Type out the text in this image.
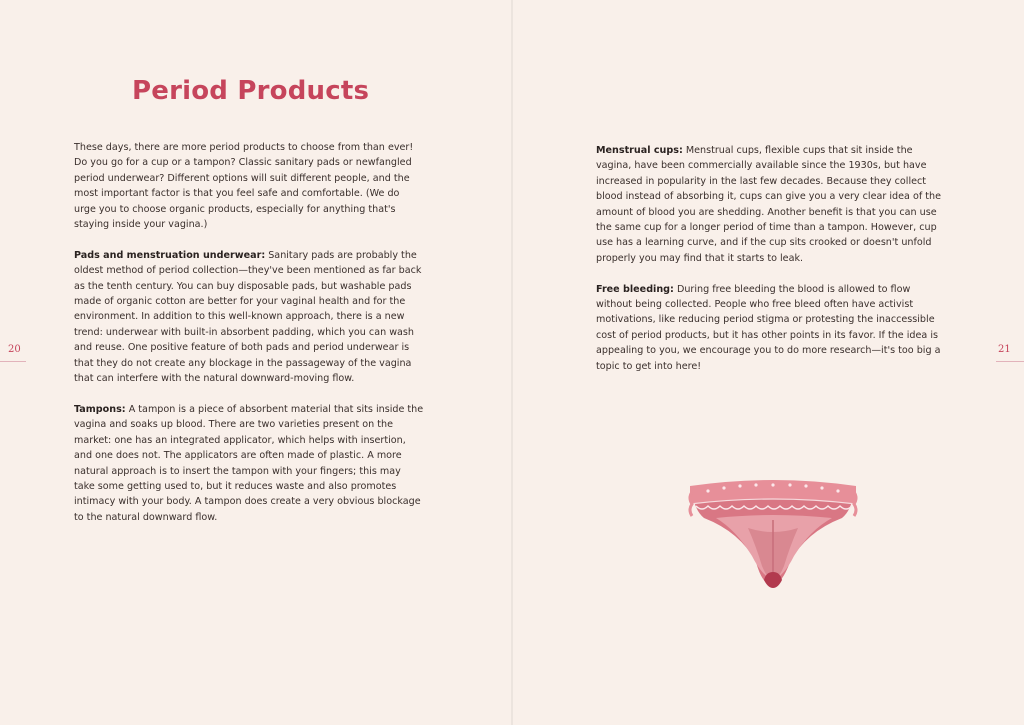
Period Products

These days, there are more period products to choose from than ever! Do you go for a cup or a tampon? Classic sanitary pads or newfangled period underwear? Different options will suit different people, and the most important factor is that you feel safe and comfortable. (We do urge you to choose organic products, especially for anything that's staying inside your vagina.)

Pads and menstruation underwear: Sanitary pads are probably the oldest method of period collection—they've been mentioned as far back as the tenth century. You can buy disposable pads, but washable pads made of organic cotton are better for your vaginal health and for the environment. In addition to this well-known approach, there is a new trend: underwear with built-in absorbent padding, which you can wash and reuse. One positive feature of both pads and period underwear is that they do not create any blockage in the passageway of the vagina that can interfere with the natural downward-moving flow.

Tampons: A tampon is a piece of absorbent material that sits inside the vagina and soaks up blood. There are two varieties present on the market: one has an integrated applicator, which helps with insertion, and one does not. The applicators are often made of plastic. A more natural approach is to insert the tampon with your fingers; this may take some getting used to, but it reduces waste and also promotes intimacy with your body. A tampon does create a very obvious blockage to the natural downward flow.

20

Menstrual cups: Menstrual cups, flexible cups that sit inside the vagina, have been commercially available since the 1930s, but have increased in popularity in the last few decades. Because they collect blood instead of absorbing it, cups can give you a very clear idea of the amount of blood you are shedding. Another benefit is that you can use the same cup for a longer period of time than a tampon. However, cup use has a learning curve, and if the cup sits crooked or doesn't unfold properly you may find that it starts to leak.

Free bleeding: During free bleeding the blood is allowed to flow without being collected. People who free bleed often have activist motivations, like reducing period stigma or protesting the inaccessible cost of period products, but it has other points in its favor. If the idea is appealing to you, we encourage you to do more research—it's too big a topic to get into here!

21
